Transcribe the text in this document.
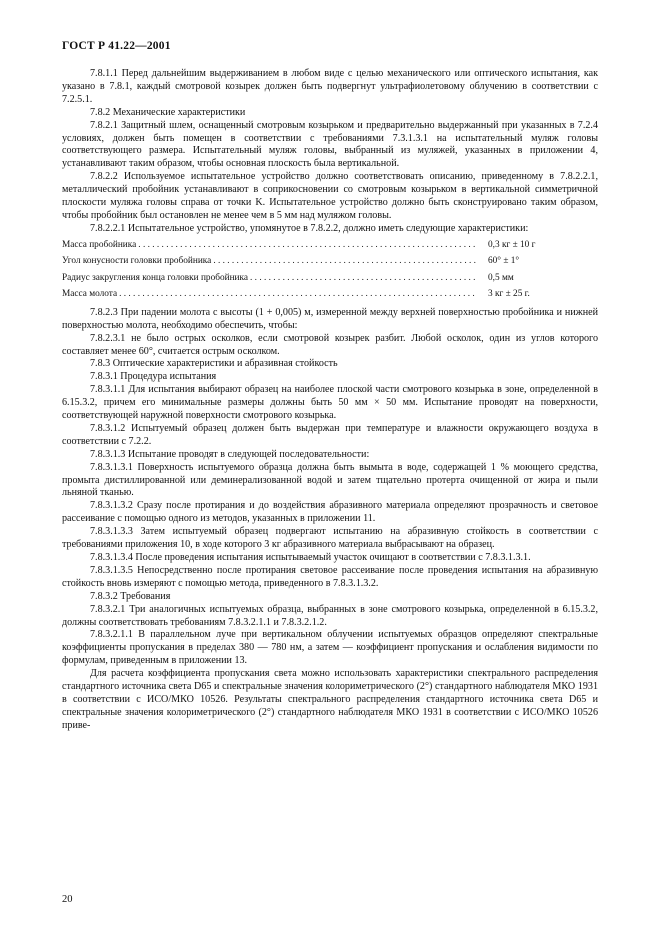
ГОСТ Р 41.22—2001

7.8.1.1 Перед дальнейшим выдерживанием в любом виде с целью механического или оптического испытания, как указано в 7.8.1, каждый смотровой козырек должен быть подвергнут ультрафиолетовому облучению в соответствии с 7.2.5.1.

7.8.2 Механические характеристики

7.8.2.1 Защитный шлем, оснащенный смотровым козырьком и предварительно выдержанный при указанных в 7.2.4 условиях, должен быть помещен в соответствии с требованиями 7.3.1.3.1 на испытательный муляж головы соответствующего размера. Испытательный муляж головы, выбранный из муляжей, указанных в приложении 4, устанавливают таким образом, чтобы основная плоскость была вертикальной.

7.8.2.2 Используемое испытательное устройство должно соответствовать описанию, приведенному в 7.8.2.2.1, металлический пробойник устанавливают в соприкосновении со смотровым козырьком в вертикальной симметричной плоскости муляжа головы справа от точки K. Испытательное устройство должно быть сконструировано таким образом, чтобы пробойник был остановлен не менее чем в 5 мм над муляжом головы.

7.8.2.2.1 Испытательное устройство, упомянутое в 7.8.2.2, должно иметь следующие характеристики:

Масса пробойника . . .	0,3 кг ± 10 г
Угол конусности головки пробойника . . .	60° ± 1°
Радиус закругления конца головки пробойника . . .	0,5 мм
Масса молота . . .	3 кг ± 25 г.

7.8.2.3 При падении молота с высоты (1 + 0,005) м, измеренной между верхней поверхностью пробойника и нижней поверхностью молота, необходимо обеспечить, чтобы:

7.8.2.3.1 не было острых осколков, если смотровой козырек разбит. Любой осколок, один из углов которого составляет менее 60°, считается острым осколком.

7.8.3 Оптические характеристики и абразивная стойкость

7.8.3.1 Процедура испытания

7.8.3.1.1 Для испытания выбирают образец на наиболее плоской части смотрового козырька в зоне, определенной в 6.15.3.2, причем его минимальные размеры должны быть 50 мм × 50 мм. Испытание проводят на поверхности, соответствующей наружной поверхности смотрового козырька.

7.8.3.1.2 Испытуемый образец должен быть выдержан при температуре и влажности окружающего воздуха в соответствии с 7.2.2.

7.8.3.1.3 Испытание проводят в следующей последовательности:

7.8.3.1.3.1 Поверхность испытуемого образца должна быть вымыта в воде, содержащей 1 % моющего средства, промыта дистиллированной или деминерализованной водой и затем тщательно протерта очищенной от жира и пыли льняной тканью.

7.8.3.1.3.2 Сразу после протирания и до воздействия абразивного материала определяют прозрачность и световое рассеивание с помощью одного из методов, указанных в приложении 11.

7.8.3.1.3.3 Затем испытуемый образец подвергают испытанию на абразивную стойкость в соответствии с требованиями приложения 10, в ходе которого 3 кг абразивного материала выбрасывают на образец.

7.8.3.1.3.4 После проведения испытания испытываемый участок очищают в соответствии с 7.8.3.1.3.1.

7.8.3.1.3.5 Непосредственно после протирания световое рассеивание после проведения испытания на абразивную стойкость вновь измеряют с помощью метода, приведенного в 7.8.3.1.3.2.

7.8.3.2 Требования

7.8.3.2.1 Три аналогичных испытуемых образца, выбранных в зоне смотрового козырька, определенной в 6.15.3.2, должны соответствовать требованиям 7.8.3.2.1.1 и 7.8.3.2.1.2.

7.8.3.2.1.1 В параллельном луче при вертикальном облучении испытуемых образцов определяют спектральные коэффициенты пропускания в пределах 380 — 780 нм, а затем — коэффициент пропускания и ослабления видимости по формулам, приведенным в приложении 13.

Для расчета коэффициента пропускания света можно использовать характеристики спектрального распределения стандартного источника света D65 и спектральные значения колориметрического (2°) стандартного наблюдателя МКО 1931 в соответствии с ИСО/МКО 10526. Результаты спектрального распределения стандартного источника света D65 и спектральные значения колориметрического (2°) стандартного наблюдателя МКО 1931 в соответствии с ИСО/МКО 10526 приве-

20
